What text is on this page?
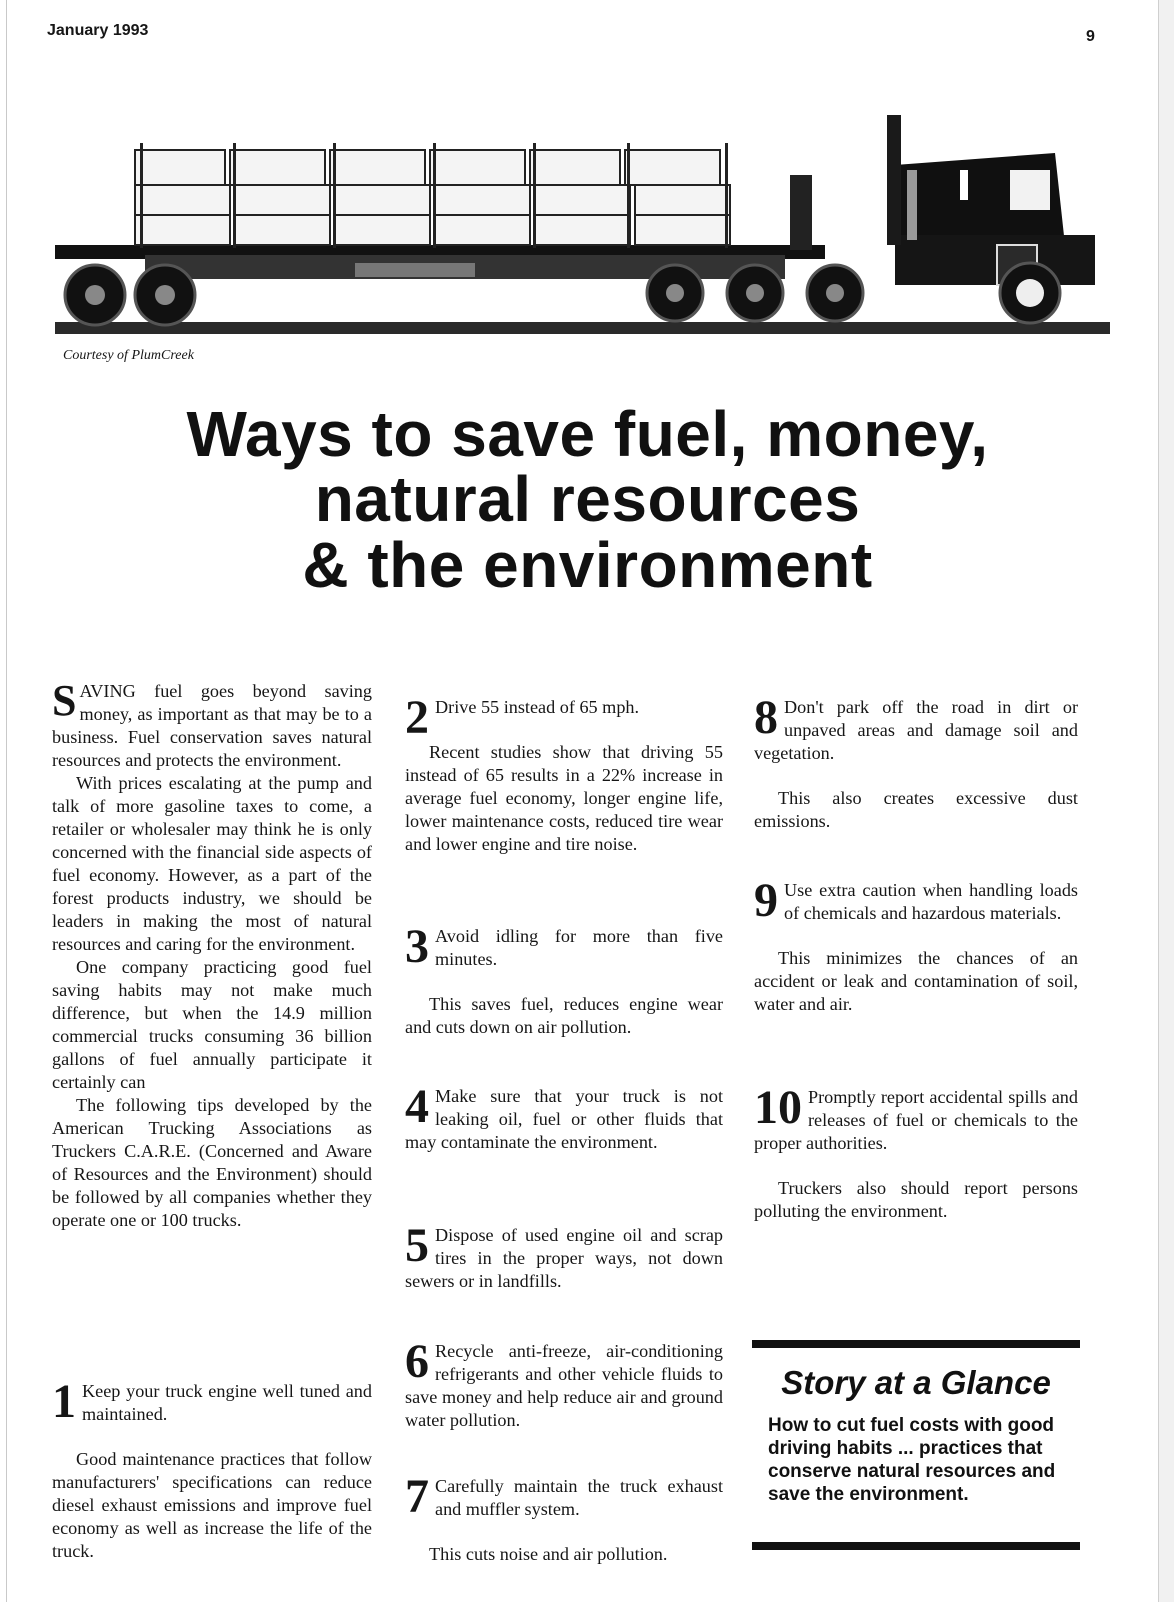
January 1993	9
Courtesy of PlumCreek
Ways to save fuel, money,
natural resources
& the environment

SAVING fuel goes beyond saving money, as important as that may be to a business. Fuel conservation saves natural resources and protects the environment.

With prices escalating at the pump and talk of more gasoline taxes to come, a retailer or wholesaler may think he is only concerned with the financial side aspects of fuel economy. However, as a part of the forest products industry, we should be leaders in making the most of natural resources and caring for the environment.

One company practicing good fuel saving habits may not make much difference, but when the 14.9 million commercial trucks consuming 36 billion gallons of fuel annually participate it certainly can

The following tips developed by the American Trucking Associations as Truckers C.A.R.E. (Concerned and Aware of Resources and the Environment) should be followed by all companies whether they operate one or 100 trucks.

1 Keep your truck engine well tuned and maintained.

Good maintenance practices that follow manufacturers' specifications can reduce diesel exhaust emissions and improve fuel economy as well as increase the life of the truck.

2 Drive 55 instead of 65 mph.

Recent studies show that driving 55 instead of 65 results in a 22% increase in average fuel economy, longer engine life, lower maintenance costs, reduced tire wear and lower engine and tire noise.

3 Avoid idling for more than five minutes.

This saves fuel, reduces engine wear and cuts down on air pollution.

4 Make sure that your truck is not leaking oil, fuel or other fluids that may contaminate the environment.

5 Dispose of used engine oil and scrap tires in the proper ways, not down sewers or in landfills.

6 Recycle anti-freeze, air-conditioning refrigerants and other vehicle fluids to save money and help reduce air and ground water pollution.

7 Carefully maintain the truck exhaust and muffler system.

This cuts noise and air pollution.

8 Don't park off the road in dirt or unpaved areas and damage soil and vegetation.

This also creates excessive dust emissions.

9 Use extra caution when handling loads of chemicals and hazardous materials.

This minimizes the chances of an accident or leak and contamination of soil, water and air.

10 Promptly report accidental spills and releases of fuel or chemicals to the proper authorities.

Truckers also should report persons polluting the environment.

Story at a Glance
How to cut fuel costs with good driving habits ... practices that conserve natural resources and save the environment.
